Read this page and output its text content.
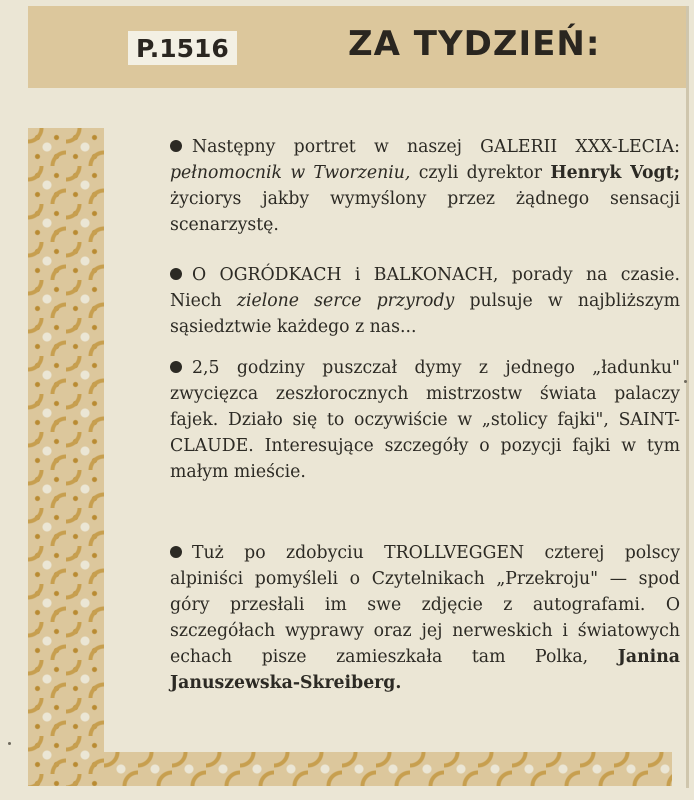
P.1516	ZA TYDZIEŃ:

Następny portret w naszej GALERII XXX-LECIA: pełnomocnik w Tworzeniu, czyli dyrektor Henryk Vogt; życiorys jakby wymyślony przez żądnego sensacji scenarzystę.

O OGRÓDKACH i BALKONACH, porady na czasie. Niech zielone serce przyrody pulsuje w najbliższym sąsiedztwie każdego z nas...

2,5 godziny puszczał dymy z jednego „ładunku" zwycięzca zeszłorocznych mistrzostw świata palaczy fajek. Działo się to oczywiście w „stolicy fajki", SAINT-CLAUDE. Interesujące szczegóły o pozycji fajki w tym małym mieście.

Tuż po zdobyciu TROLLVEGGEN czterej polscy alpiniści pomyśleli o Czytelnikach „Przekroju" — spod góry przesłali im swe zdjęcie z autografami. O szczegółach wyprawy oraz jej nerweskich i światowych echach pisze zamieszkała tam Polka, Janina Januszewska-Skreiberg.
